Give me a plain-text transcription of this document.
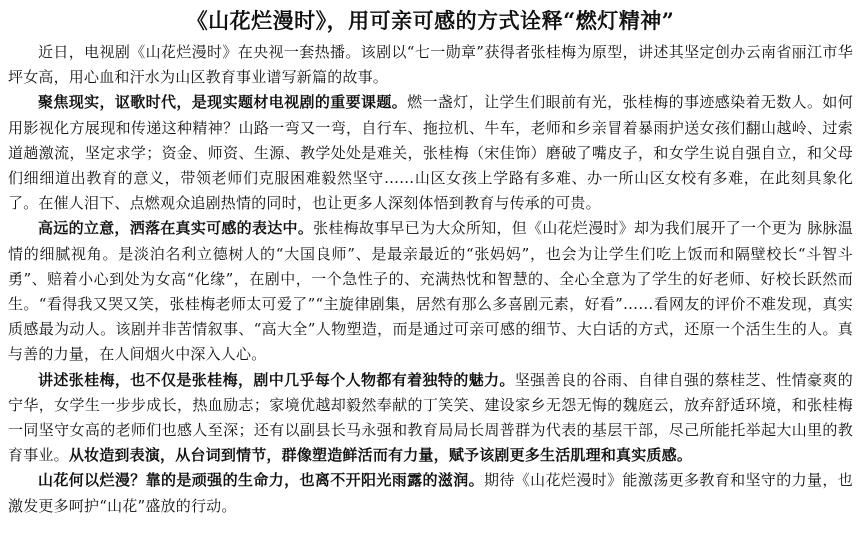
《山花烂漫时》，用可亲可感的方式诠释“燃灯精神”

近日，电视剧《山花烂漫时》在央视一套热播。该剧以“七一勋章”获得者张桂梅为原型，讲述其坚定创办云南省丽江市华坪女高，用心血和汗水为山区教育事业谱写新篇的故事。

聚焦现实，讴歌时代，是现实题材电视剧的重要课题。燃一盏灯，让学生们眼前有光，张桂梅的事迹感染着无数人。如何用影视化方展现和传递这种精神？山路一弯又一弯，自行车、拖拉机、牛车，老师和乡亲冒着暴雨护送女孩们翻山越岭、过索道趟激流，坚定求学；资金、师资、生源、教学处处是难关，张桂梅（宋佳饰）磨破了嘴皮子，和女学生说自强自立，和父母们细细道出教育的意义，带领老师们克服困难毅然坚守……山区女孩上学路有多难、办一所山区女校有多难，在此刻具象化了。在催人泪下、点燃观众追剧热情的同时，也让更多人深刻体悟到教育与传承的可贵。

高远的立意，洒落在真实可感的表达中。张桂梅故事早已为大众所知，但《山花烂漫时》却为我们展开了一个更为 脉脉温情的细腻视角。是淡泊名利立德树人的“大国良师”、是最亲最近的“张妈妈”，也会为让学生们吃上饭而和隔壁校长“斗智斗勇”、赔着小心到处为女高“化缘”，在剧中，一个急性子的、充满热忱和智慧的、全心全意为了学生的好老师、好校长跃然而生。“看得我又哭又笑，张桂梅老师太可爱了”“主旋律剧集，居然有那么多喜剧元素，好看”……看网友的评价不难发现，真实质感最为动人。该剧并非苦情叙事、“高大全”人物塑造，而是通过可亲可感的细节、大白话的方式，还原一个活生生的人。真与善的力量，在人间烟火中深入人心。

讲述张桂梅，也不仅是张桂梅，剧中几乎每个人物都有着独特的魅力。坚强善良的谷雨、自律自强的蔡桂芝、性情豪爽的宁华，女学生一步步成长，热血励志；家境优越却毅然奉献的丁笑笑、建设家乡无怨无悔的魏庭云，放弃舒适环境，和张桂梅一同坚守女高的老师们也感人至深；还有以副县长马永强和教育局局长周普群为代表的基层干部，尽己所能托举起大山里的教育事业。从妆造到表演，从台词到情节，群像塑造鲜活而有力量，赋予该剧更多生活肌理和真实质感。

山花何以烂漫？靠的是顽强的生命力，也离不开阳光雨露的滋润。期待《山花烂漫时》能激荡更多教育和坚守的力量，也激发更多呵护“山花”盛放的行动。
